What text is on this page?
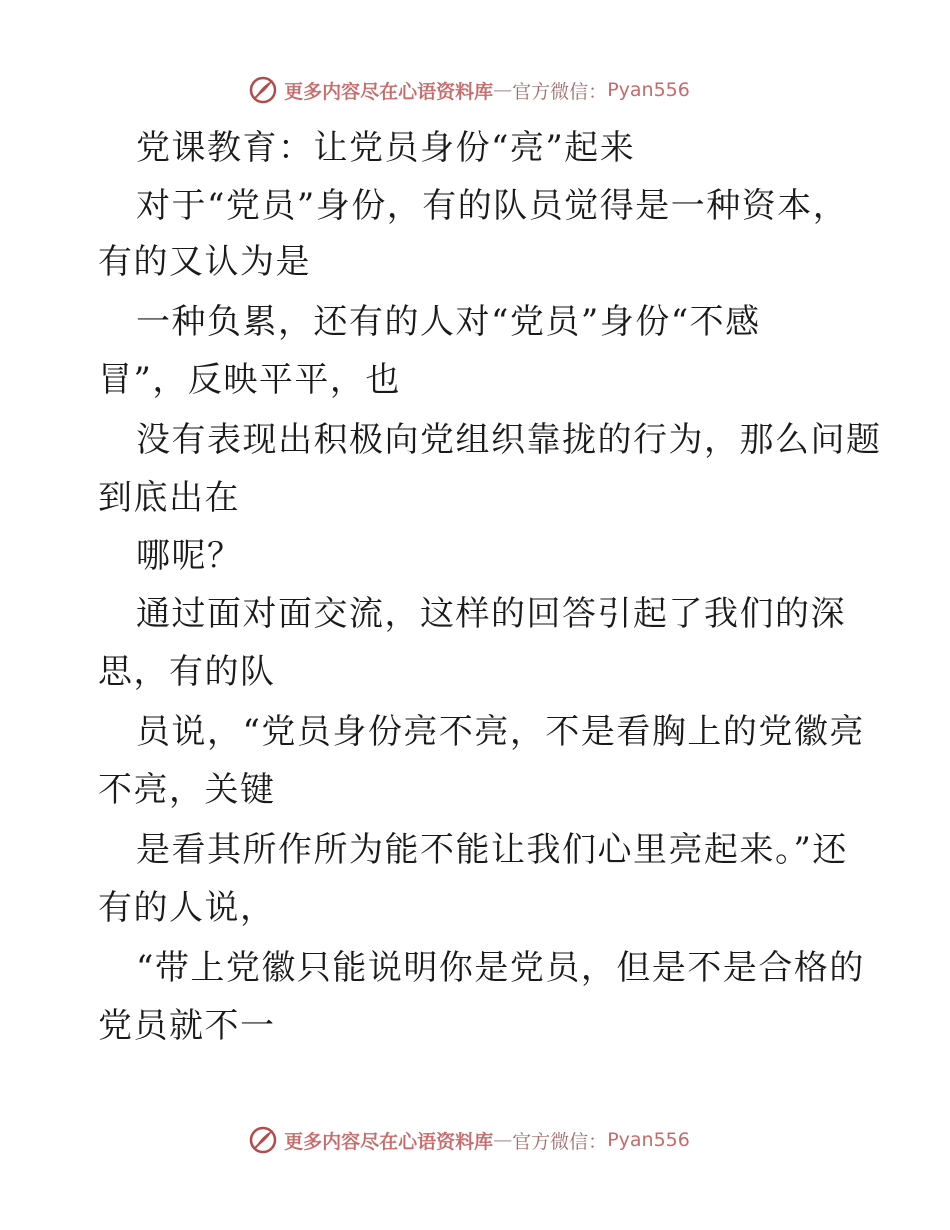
更多内容尽在心语资料库 — 官方微信： Pyan556
党课教育：让党员身份“亮”起来
对于“党员”身份，有的队员觉得是一种资本，
有的又认为是
一种负累，还有的人对“党员”身份“不感
冒”，反映平平，也
没有表现出积极向党组织靠拢的行为，那么问题
到底出在
哪呢？
通过面对面交流，这样的回答引起了我们的深
思，有的队
员说，“党员身份亮不亮，不是看胸上的党徽亮
不亮，关键
是看其所作所为能不能让我们心里亮起来。”还
有的人说，
“带上党徽只能说明你是党员，但是不是合格的
党员就不一
更多内容尽在心语资料库 — 官方微信： Pyan556
